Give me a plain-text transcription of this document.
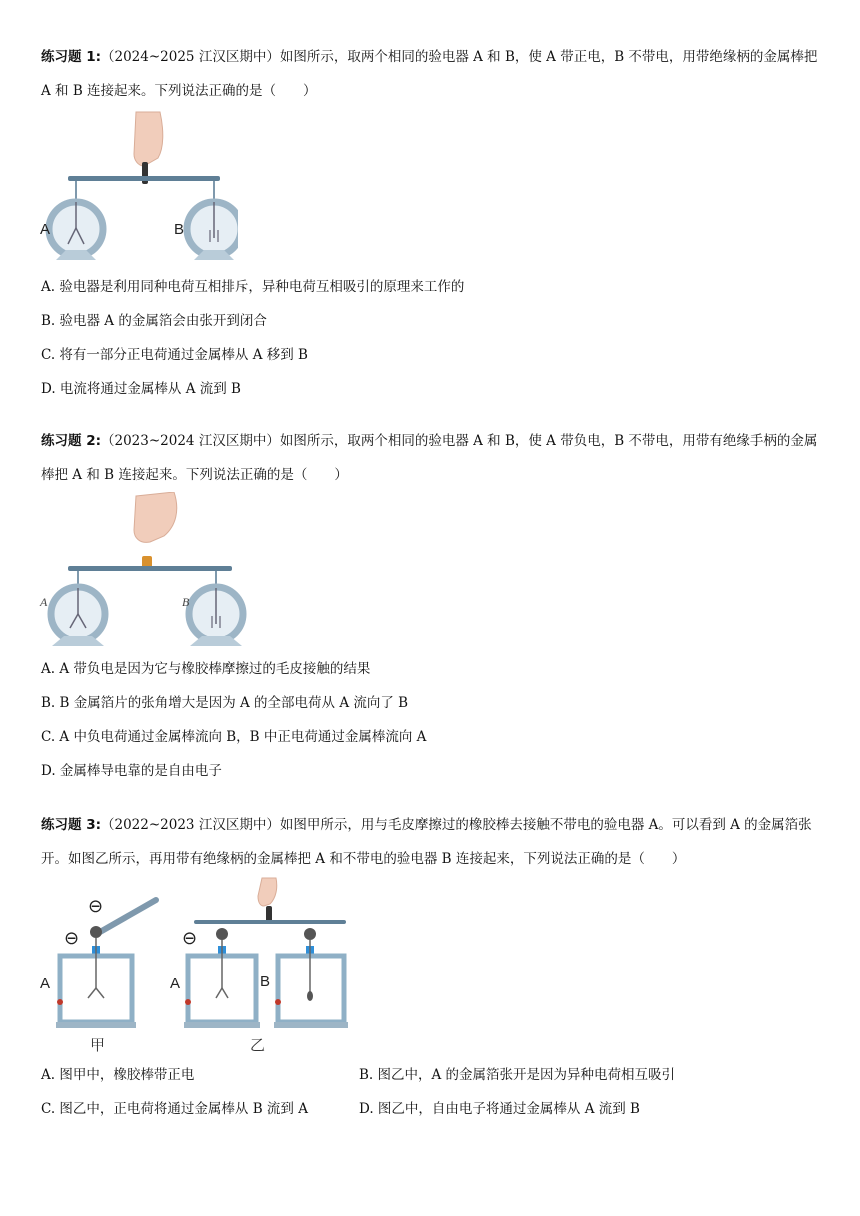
练习题 1:（2024~2025 江汉区期中）如图所示，取两个相同的验电器 A 和 B，使 A 带正电，B 不带电，用带绝缘柄的金属棒把 A 和 B 连接起来。下列说法正确的是（　　）
A	B
A. 验电器是利用同种电荷互相排斥，异种电荷互相吸引的原理来工作的
B. 验电器 A 的金属箔会由张开到闭合
C. 将有一部分正电荷通过金属棒从 A 移到 B
D. 电流将通过金属棒从 A 流到 B
练习题 2:（2023~2024 江汉区期中）如图所示，取两个相同的验电器 A 和 B，使 A 带负电，B 不带电，用带有绝缘手柄的金属棒把 A 和 B 连接起来。下列说法正确的是（　　）
A	B
A. A 带负电是因为它与橡胶棒摩擦过的毛皮接触的结果
B. B 金属箔片的张角增大是因为 A 的全部电荷从 A 流向了 B
C. A 中负电荷通过金属棒流向 B，B 中正电荷通过金属棒流向 A
D. 金属棒导电靠的是自由电子
练习题 3:（2022~2023 江汉区期中）如图甲所示，用与毛皮摩擦过的橡胶棒去接触不带电的验电器 A。可以看到 A 的金属箔张开。如图乙所示，再用带有绝缘柄的金属棒把 A 和不带电的验电器 B 连接起来，下列说法正确的是（　　）
⊖
⊖
A
甲
⊖
A	B
乙
A. 图甲中，橡胶棒带正电	B. 图乙中，A 的金属箔张开是因为异种电荷相互吸引
C. 图乙中，正电荷将通过金属棒从 B 流到 A	D. 图乙中，自由电子将通过金属棒从 A 流到 B
